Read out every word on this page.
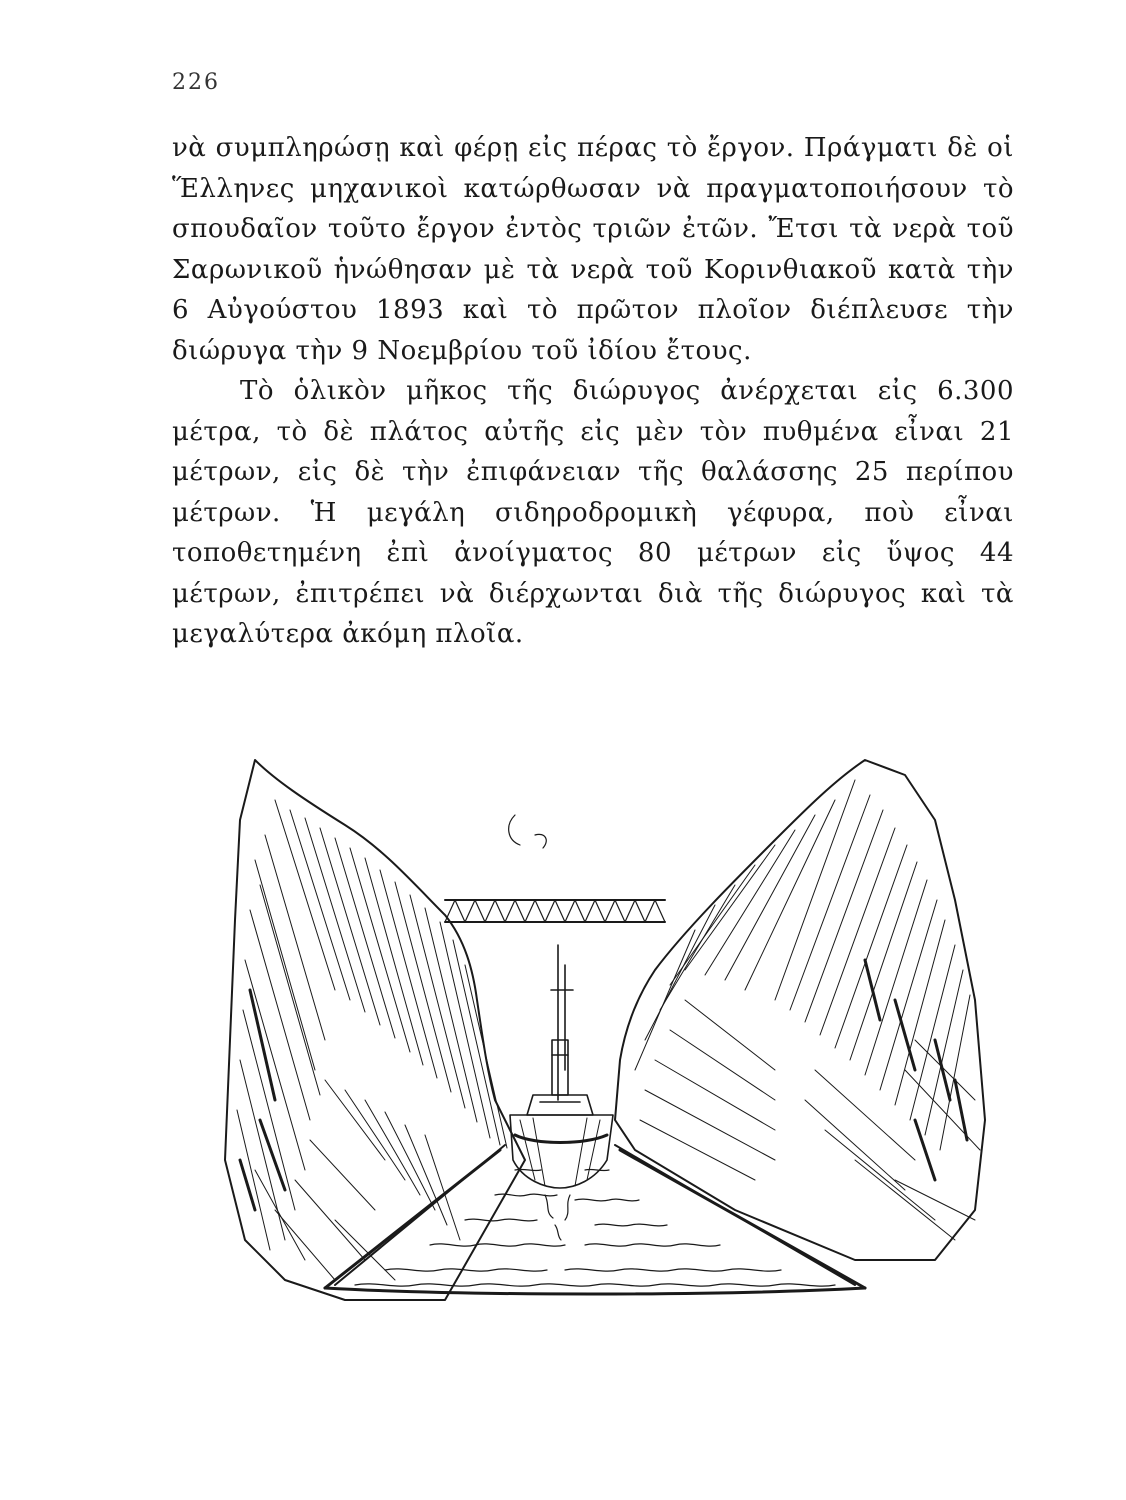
226

νὰ συμπληρώσῃ καὶ φέρῃ εἰς πέρας τὸ ἔργον. Πράγματι δὲ οἱ Ἕλληνες μηχανικοὶ κατώρθωσαν νὰ πραγματοποιήσουν τὸ σπουδαῖον τοῦτο ἔργον ἐντὸς τριῶν ἐτῶν. Ἔτσι τὰ νερὰ τοῦ Σαρωνικοῦ ἡνώθησαν μὲ τὰ νερὰ τοῦ Κορινθιακοῦ κατὰ τὴν 6 Αὐγούστου 1893 καὶ τὸ πρῶτον πλοῖον διέπλευσε τὴν διώρυγα τὴν 9 Νοεμβρίου τοῦ ἰδίου ἔτους.

Τὸ ὁλικὸν μῆκος τῆς διώρυγος ἀνέρχεται εἰς 6.300 μέτρα, τὸ δὲ πλάτος αὐτῆς εἰς μὲν τὸν πυθμένα εἶναι 21 μέτρων, εἰς δὲ τὴν ἐπιφάνειαν τῆς θαλάσσης 25 περίπου μέτρων. Ἡ μεγάλη σιδηροδρομικὴ γέφυρα, ποὺ εἶναι τοποθετημένη ἐπὶ ἀνοίγματος 80 μέτρων εἰς ὕψος 44 μέτρων, ἐπιτρέπει νὰ διέρχωνται διὰ τῆς διώρυγος καὶ τὰ μεγαλύτερα ἀκόμη πλοῖα.
